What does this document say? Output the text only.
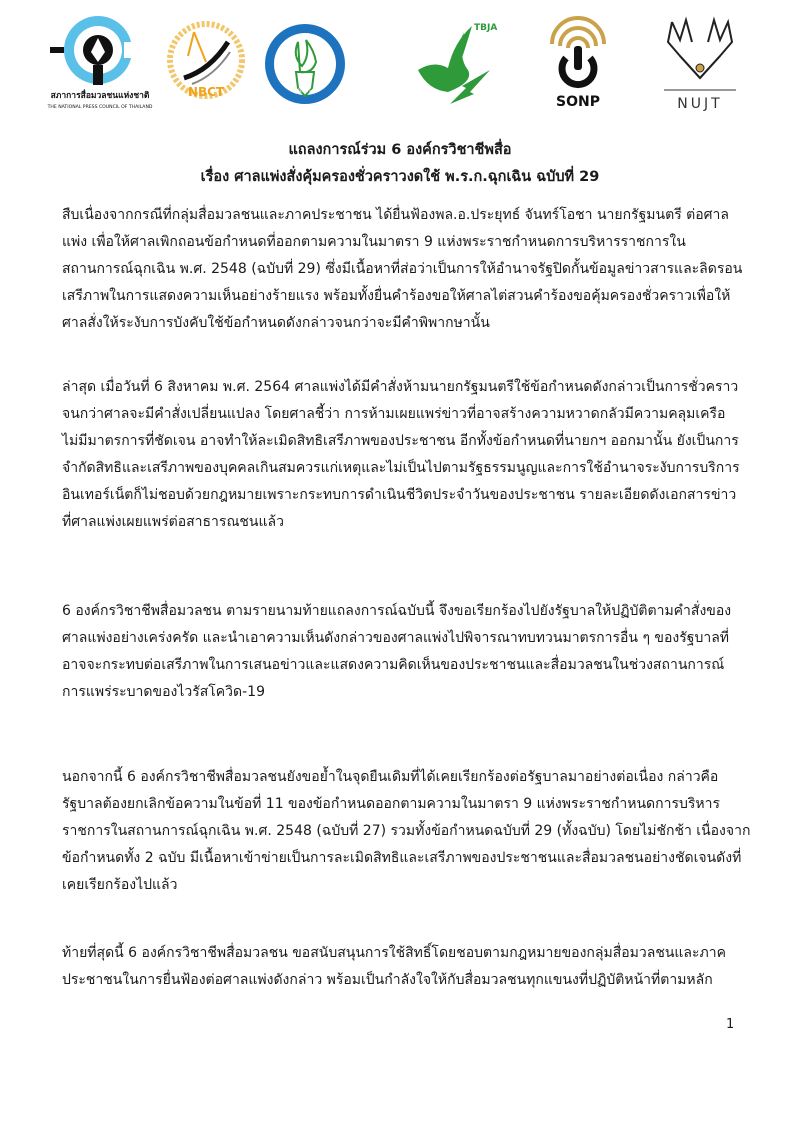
สภาการสื่อมวลชนแห่งชาติ
THE NATIONAL PRESS COUNCIL OF THAILAND
NBCT
THAI JOURNALISTS ASSOCIATION
TBJA
SONP	NUJT
แถลงการณ์ร่วม 6 องค์กรวิชาชีพสื่อ
เรื่อง ศาลแพ่งสั่งคุ้มครองชั่วคราวงดใช้ พ.ร.ก.ฉุกเฉิน ฉบับที่ 29
สืบเนื่องจากกรณีที่กลุ่มสื่อมวลชนและภาคประชาชน ได้ยื่นฟ้องพล.อ.ประยุทธ์ จันทร์โอชา นายกรัฐมนตรี ต่อศาล
แพ่ง เพื่อให้ศาลเพิกถอนข้อกำหนดที่ออกตามความในมาตรา 9 แห่งพระราชกำหนดการบริหารราชการใน
สถานการณ์ฉุกเฉิน พ.ศ. 2548 (ฉบับที่ 29) ซึ่งมีเนื้อหาที่ส่อว่าเป็นการให้อำนาจรัฐปิดกั้นข้อมูลข่าวสารและลิดรอน
เสรีภาพในการแสดงความเห็นอย่างร้ายแรง พร้อมทั้งยื่นคำร้องขอให้ศาลไต่สวนคำร้องขอคุ้มครองชั่วคราวเพื่อให้
ศาลสั่งให้ระงับการบังคับใช้ข้อกำหนดดังกล่าวจนกว่าจะมีคำพิพากษานั้น
ล่าสุด เมื่อวันที่ 6 สิงหาคม พ.ศ. 2564 ศาลแพ่งได้มีคำสั่งห้ามนายกรัฐมนตรีใช้ข้อกำหนดดังกล่าวเป็นการชั่วคราว
จนกว่าศาลจะมีคำสั่งเปลี่ยนแปลง โดยศาลชี้ว่า การห้ามเผยแพร่ข่าวที่อาจสร้างความหวาดกลัวมีความคลุมเครือ
ไม่มีมาตรการที่ชัดเจน อาจทำให้ละเมิดสิทธิเสรีภาพของประชาชน อีกทั้งข้อกำหนดที่นายกฯ ออกมานั้น ยังเป็นการ
จำกัดสิทธิและเสรีภาพของบุคคลเกินสมควรแก่เหตุและไม่เป็นไปตามรัฐธรรมนูญและการใช้อำนาจระงับการบริการ
อินเทอร์เน็ตก็ไม่ชอบด้วยกฎหมายเพราะกระทบการดำเนินชีวิตประจำวันของประชาชน รายละเอียดดังเอกสารข่าว
ที่ศาลแพ่งเผยแพร่ต่อสาธารณชนแล้ว
6 องค์กรวิชาชีพสื่อมวลชน ตามรายนามท้ายแถลงการณ์ฉบับนี้ จึงขอเรียกร้องไปยังรัฐบาลให้ปฏิบัติตามคำสั่งของ
ศาลแพ่งอย่างเคร่งครัด และนำเอาความเห็นดังกล่าวของศาลแพ่งไปพิจารณาทบทวนมาตรการอื่น ๆ ของรัฐบาลที่
อาจจะกระทบต่อเสรีภาพในการเสนอข่าวและแสดงความคิดเห็นของประชาชนและสื่อมวลชนในช่วงสถานการณ์
การแพร่ระบาดของไวรัสโควิด-19
นอกจากนี้ 6 องค์กรวิชาชีพสื่อมวลชนยังขอย้ำในจุดยืนเดิมที่ได้เคยเรียกร้องต่อรัฐบาลมาอย่างต่อเนื่อง กล่าวคือ
รัฐบาลต้องยกเลิกข้อความในข้อที่ 11 ของข้อกำหนดออกตามความในมาตรา 9 แห่งพระราชกำหนดการบริหาร
ราชการในสถานการณ์ฉุกเฉิน พ.ศ. 2548 (ฉบับที่ 27) รวมทั้งข้อกำหนดฉบับที่ 29 (ทั้งฉบับ) โดยไม่ชักช้า เนื่องจาก
ข้อกำหนดทั้ง 2 ฉบับ มีเนื้อหาเข้าข่ายเป็นการละเมิดสิทธิและเสรีภาพของประชาชนและสื่อมวลชนอย่างชัดเจนดังที่
เคยเรียกร้องไปแล้ว
ท้ายที่สุดนี้ 6 องค์กรวิชาชีพสื่อมวลชน ขอสนับสนุนการใช้สิทธิ์โดยชอบตามกฎหมายของกลุ่มสื่อมวลชนและภาค
ประชาชนในการยื่นฟ้องต่อศาลแพ่งดังกล่าว พร้อมเป็นกำลังใจให้กับสื่อมวลชนทุกแขนงที่ปฏิบัติหน้าที่ตามหลัก
1
